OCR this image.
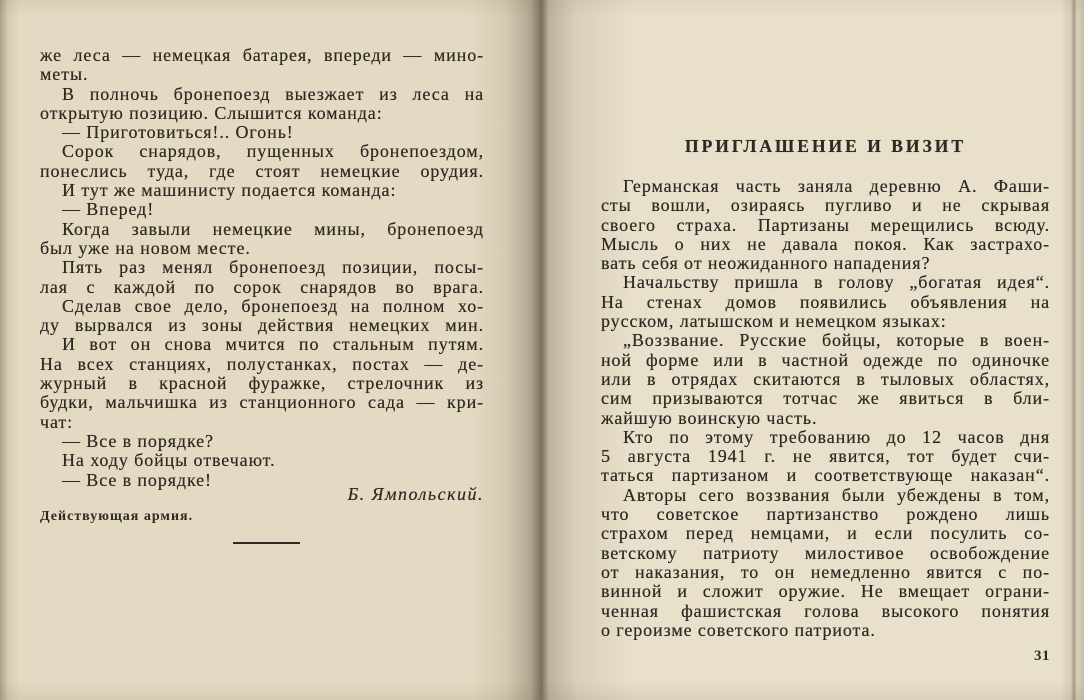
же леса — немецкая батарея, впереди — мино-
меты.
В полночь бронепоезд выезжает из леса на
открытую позицию. Слышится команда:
— Приготовиться!.. Огонь!
Сорок снарядов, пущенных бронепоездом,
понеслись туда, где стоят немецкие орудия.
И тут же машинисту подается команда:
— Вперед!
Когда завыли немецкие мины, бронепоезд
был уже на новом месте.
Пять раз менял бронепоезд позиции, посы-
лая с каждой по сорок снарядов во врага.
Сделав свое дело, бронепоезд на полном хо-
ду вырвался из зоны действия немецких мин.
И вот он снова мчится по стальным путям.
На всех станциях, полустанках, постах — де-
журный в красной фуражке, стрелочник из
будки, мальчишка из станционного сада — кри-
чат:
— Все в порядке?
На ходу бойцы отвечают.
— Все в порядке!
Б. Ямпольский.
Действующая армия.
ПРИГЛАШЕНИЕ И ВИЗИТ
Германская часть заняла деревню А. Фаши-
сты вошли, озираясь пугливо и не скрывая
своего страха. Партизаны мерещились всюду.
Мысль о них не давала покоя. Как застрахо-
вать себя от неожиданного нападения?
Начальству пришла в голову „богатая идея“.
На стенах домов появились объявления на
русском, латышском и немецком языках:
„Воззвание. Русские бойцы, которые в воен-
ной форме или в частной одежде по одиночке
или в отрядах скитаются в тыловых областях,
сим призываются тотчас же явиться в бли-
жайшую воинскую часть.
Кто по этому требованию до 12 часов дня
5 августа 1941 г. не явится, тот будет счи-
таться партизаном и соответствующе наказан“.
Авторы сего воззвания были убеждены в том,
что советское партизанство рождено лишь
страхом перед немцами, и если посулить со-
ветскому патриоту милостивое освобождение
от наказания, то он немедленно явится с по-
винной и сложит оружие. Не вмещает ограни-
ченная фашистская голова высокого понятия
о героизме советского патриота.
31
